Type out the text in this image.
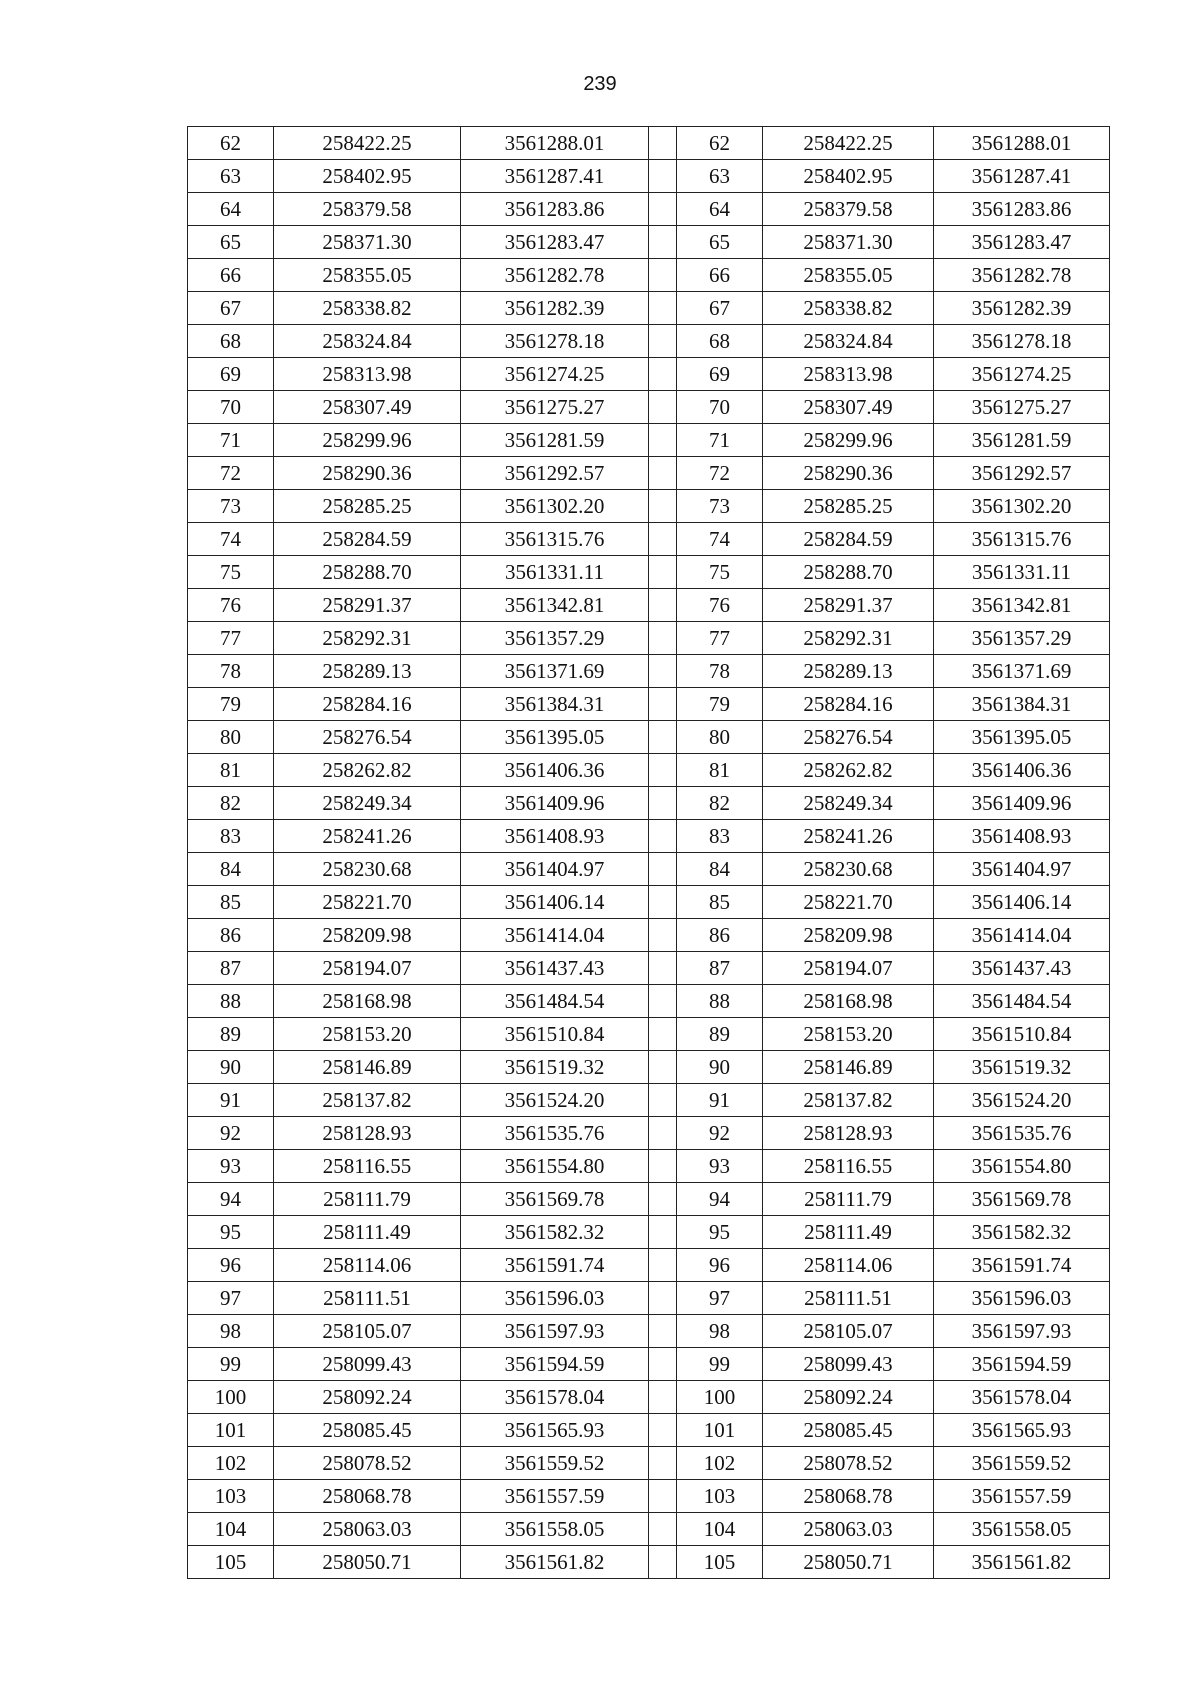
239
62	258422.25	3561288.01		62	258422.25	3561288.01
63	258402.95	3561287.41		63	258402.95	3561287.41
64	258379.58	3561283.86		64	258379.58	3561283.86
65	258371.30	3561283.47		65	258371.30	3561283.47
66	258355.05	3561282.78		66	258355.05	3561282.78
67	258338.82	3561282.39		67	258338.82	3561282.39
68	258324.84	3561278.18		68	258324.84	3561278.18
69	258313.98	3561274.25		69	258313.98	3561274.25
70	258307.49	3561275.27		70	258307.49	3561275.27
71	258299.96	3561281.59		71	258299.96	3561281.59
72	258290.36	3561292.57		72	258290.36	3561292.57
73	258285.25	3561302.20		73	258285.25	3561302.20
74	258284.59	3561315.76		74	258284.59	3561315.76
75	258288.70	3561331.11		75	258288.70	3561331.11
76	258291.37	3561342.81		76	258291.37	3561342.81
77	258292.31	3561357.29		77	258292.31	3561357.29
78	258289.13	3561371.69		78	258289.13	3561371.69
79	258284.16	3561384.31		79	258284.16	3561384.31
80	258276.54	3561395.05		80	258276.54	3561395.05
81	258262.82	3561406.36		81	258262.82	3561406.36
82	258249.34	3561409.96		82	258249.34	3561409.96
83	258241.26	3561408.93		83	258241.26	3561408.93
84	258230.68	3561404.97		84	258230.68	3561404.97
85	258221.70	3561406.14		85	258221.70	3561406.14
86	258209.98	3561414.04		86	258209.98	3561414.04
87	258194.07	3561437.43		87	258194.07	3561437.43
88	258168.98	3561484.54		88	258168.98	3561484.54
89	258153.20	3561510.84		89	258153.20	3561510.84
90	258146.89	3561519.32		90	258146.89	3561519.32
91	258137.82	3561524.20		91	258137.82	3561524.20
92	258128.93	3561535.76		92	258128.93	3561535.76
93	258116.55	3561554.80		93	258116.55	3561554.80
94	258111.79	3561569.78		94	258111.79	3561569.78
95	258111.49	3561582.32		95	258111.49	3561582.32
96	258114.06	3561591.74		96	258114.06	3561591.74
97	258111.51	3561596.03		97	258111.51	3561596.03
98	258105.07	3561597.93		98	258105.07	3561597.93
99	258099.43	3561594.59		99	258099.43	3561594.59
100	258092.24	3561578.04		100	258092.24	3561578.04
101	258085.45	3561565.93		101	258085.45	3561565.93
102	258078.52	3561559.52		102	258078.52	3561559.52
103	258068.78	3561557.59		103	258068.78	3561557.59
104	258063.03	3561558.05		104	258063.03	3561558.05
105	258050.71	3561561.82		105	258050.71	3561561.82
